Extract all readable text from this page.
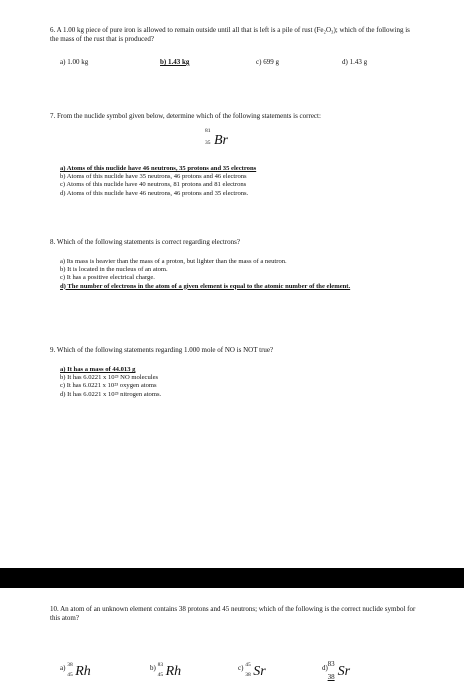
6. A 1.00 kg piece of pure iron is allowed to remain outside until all that is left is a pile of rust (Fe₂O₃); which of the following is the mass of the rust that is produced?
a) 1.00 kg	b) 1.43 kg	c) 699 g	d) 1.43 g
7. From the nuclide symbol given below, determine which of the following statements is correct:
81
35 Br
a) Atoms of this nuclide have 46 neutrons, 35 protons and 35 electrons
b) Atoms of this nuclide have 35 neutrons, 46 protons and 46 electrons
c) Atoms of this nuclide have 40 neutrons, 81 protons and 81 electrons
d) Atoms of this nuclide have 46 neutrons, 46 protons and 35 electrons.
8. Which of the following statements is correct regarding electrons?
a) Its mass is heavier than the mass of a proton, but lighter than the mass of a neutron.
b) It is located in the nucleus of an atom.
c) It has a positive electrical charge.
d) The number of electrons in the atom of a given element is equal to the atomic number of the element.
9. Which of the following statements regarding 1.000 mole of NO is NOT true?
a) It has a mass of 44.013 g
b) It has 6.0221 x 10²³ NO molecules
c) It has 6.0221 x 10²³ oxygen atoms
d) It has 6.0221 x 10²³ nitrogen atoms.
10. An atom of an unknown element contains 38 protons and 45 neutrons; which of the following is the correct nuclide symbol for this atom?
a) 38
45 Rh	b) 83
45 Rh	c) 45
38 Sr	d) 83
38 Sr
